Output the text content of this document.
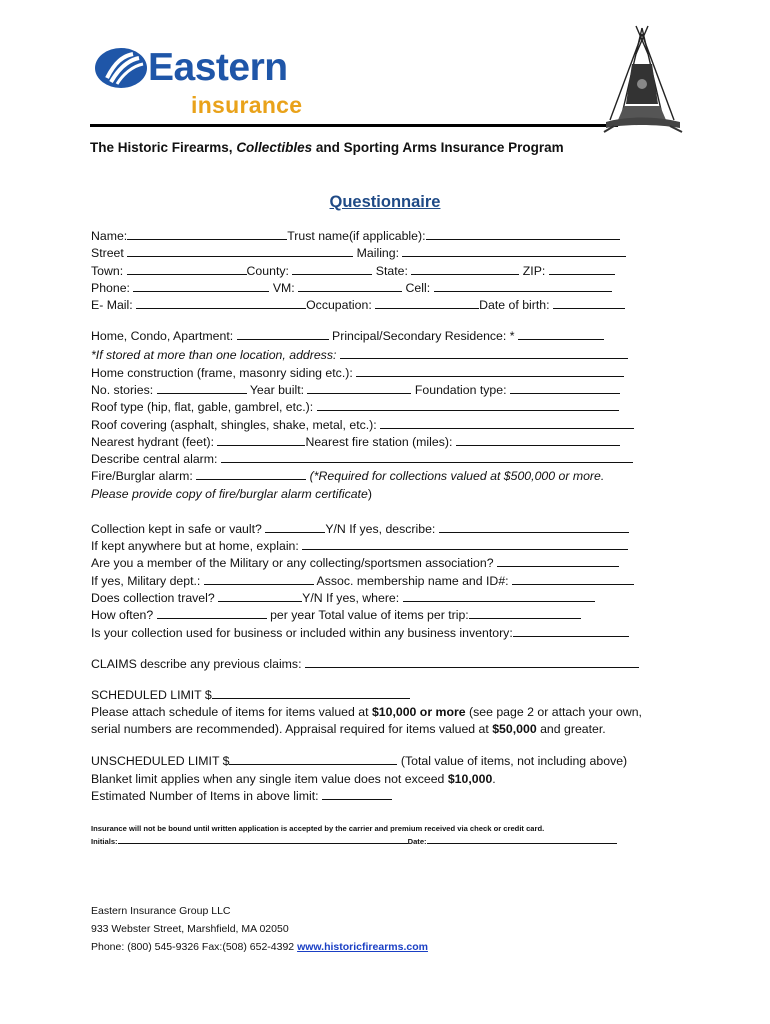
Eastern
insurance
The Historic Firearms, Collectibles and Sporting Arms Insurance Program
Questionnaire
Name:	Trust name(if applicable):
Street	Mailing:
Town:	County:	State:	ZIP:
Phone:	VM:	Cell:
E- Mail:	Occupation:	Date of birth:
Home, Condo, Apartment:	Principal/Secondary Residence: *
*If stored at more than one location, address:
Home construction (frame, masonry siding etc.):
No. stories:	Year built:	Foundation type:
Roof type (hip, flat, gable, gambrel, etc.):
Roof covering (asphalt, shingles, shake, metal, etc.):
Nearest hydrant (feet):	Nearest fire station (miles):
Describe central alarm:
Fire/Burglar alarm:	(*Required for collections valued at $500,000 or more.
Please provide copy of fire/burglar alarm certificate)
Collection kept in safe or vault?	Y/N If yes, describe:
If kept anywhere but at home, explain:
Are you a member of the Military or any collecting/sportsmen association?
If yes, Military dept.:	Assoc. membership name and ID#:
Does collection travel?	Y/N If yes, where:
How often?	per year Total value of items per trip:
Is your collection used for business or included within any business inventory:
CLAIMS describe any previous claims:
SCHEDULED LIMIT $
Please attach schedule of items for items valued at $10,000 or more (see page 2 or attach your own,
serial numbers are recommended). Appraisal required for items valued at $50,000 and greater.
UNSCHEDULED LIMIT $	(Total value of items, not including above)
Blanket limit applies when any single item value does not exceed $10,000.
Estimated Number of Items in above limit:
Insurance will not be bound until written application is accepted by the carrier and premium received via check or credit card.
Initials:	Date:
Eastern Insurance Group LLC
933 Webster Street, Marshfield, MA 02050
Phone: (800) 545-9326 Fax:(508) 652-4392 www.historicfirearms.com
